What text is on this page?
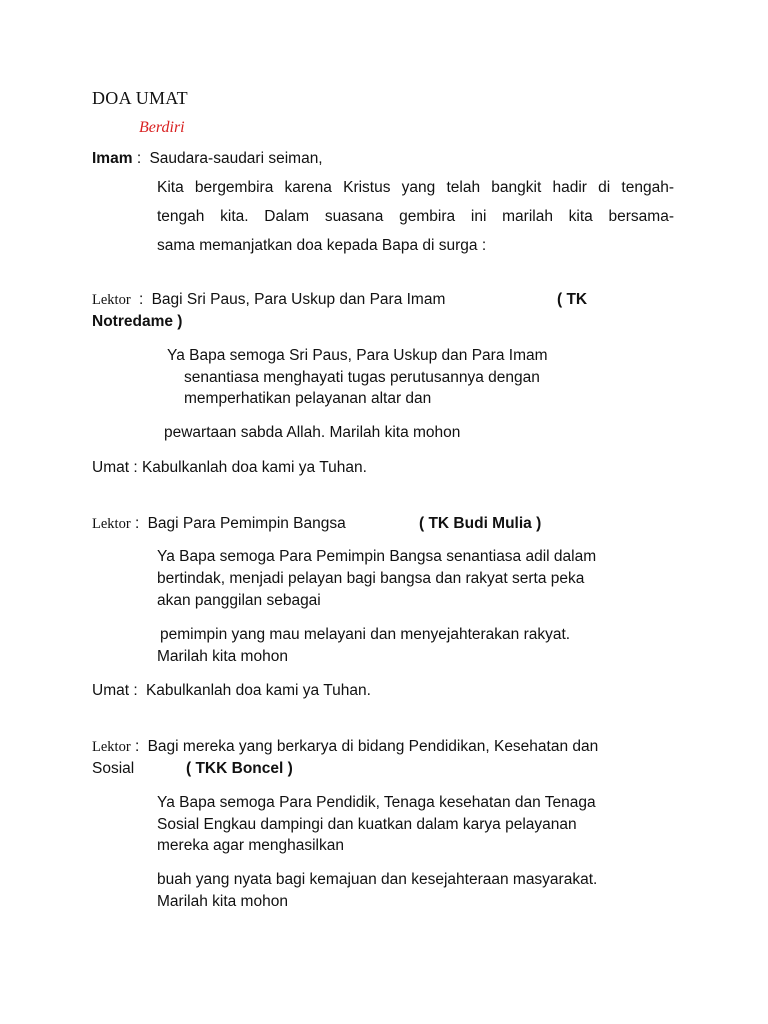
DOA UMAT
Berdiri
Imam : Saudara-saudari seiman,
Kita bergembira karena Kristus yang telah bangkit hadir di tengah-
tengah kita. Dalam suasana gembira ini marilah kita bersama-
sama memanjatkan doa kepada Bapa di surga :
Lektor : Bagi Sri Paus, Para Uskup dan Para Imam	( TK
Notredame )
Ya Bapa semoga Sri Paus, Para Uskup dan Para Imam
senantiasa menghayati tugas perutusannya dengan
memperhatikan pelayanan altar dan
pewartaan sabda Allah. Marilah kita mohon
Umat : Kabulkanlah doa kami ya Tuhan.
Lektor : Bagi Para Pemimpin Bangsa	( TK Budi Mulia )
Ya Bapa semoga Para Pemimpin Bangsa senantiasa adil dalam
bertindak, menjadi pelayan bagi bangsa dan rakyat serta peka
akan panggilan sebagai
pemimpin yang mau melayani dan menyejahterakan rakyat.
Marilah kita mohon
Umat : Kabulkanlah doa kami ya Tuhan.
Lektor : Bagi mereka yang berkarya di bidang Pendidikan, Kesehatan dan
Sosial	( TKK Boncel )
Ya Bapa semoga Para Pendidik, Tenaga kesehatan dan Tenaga
Sosial Engkau dampingi dan kuatkan dalam karya pelayanan
mereka agar menghasilkan
buah yang nyata bagi kemajuan dan kesejahteraan masyarakat.
Marilah kita mohon
